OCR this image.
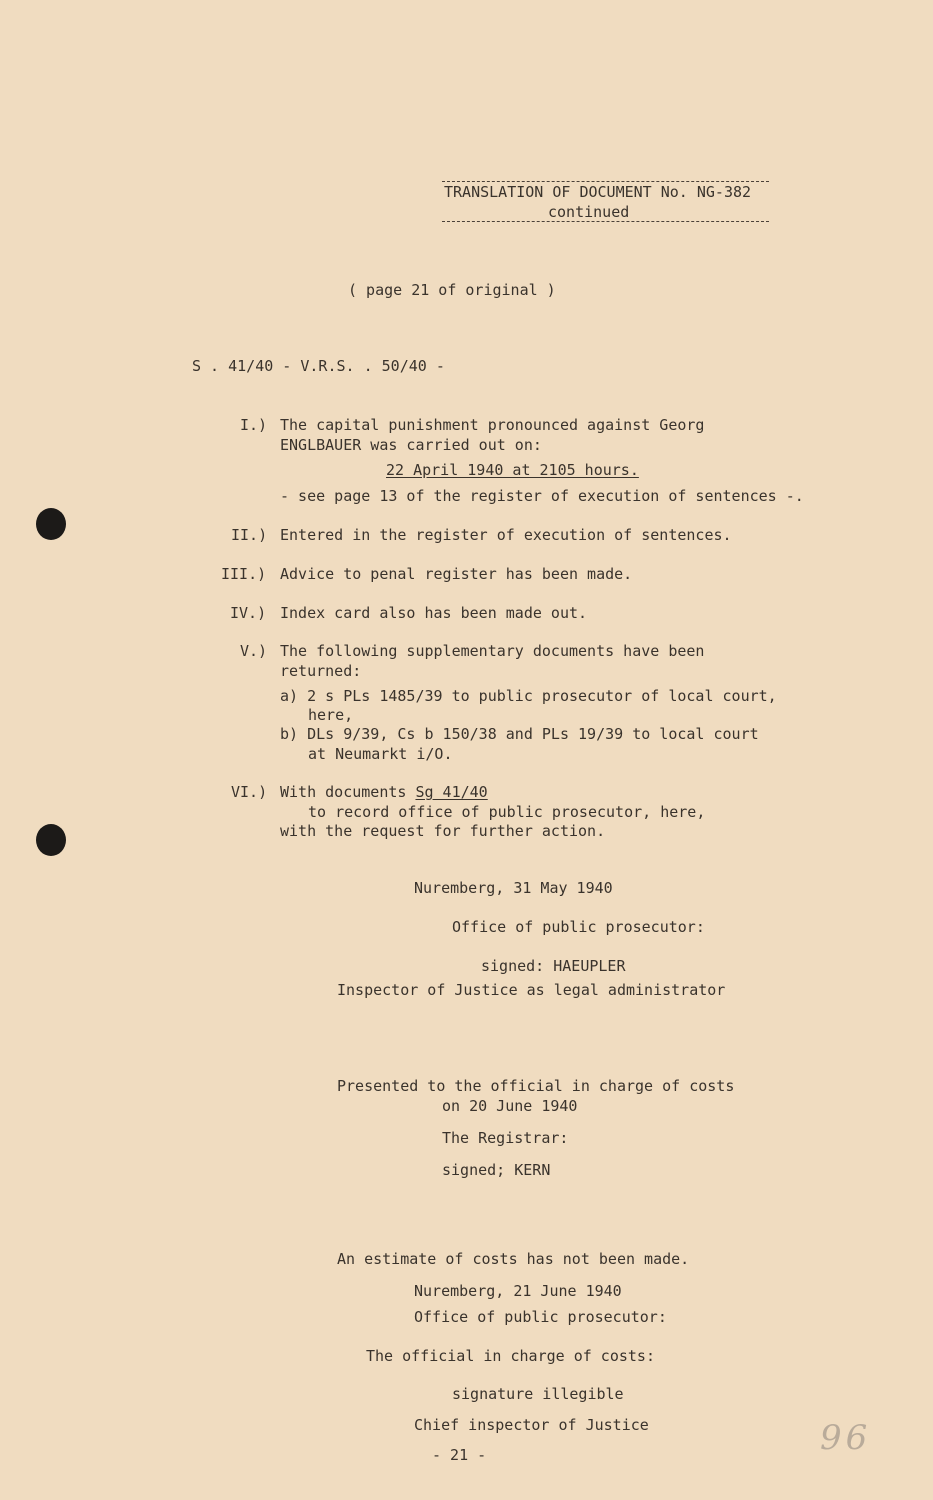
TRANSLATION OF DOCUMENT No. NG-382
continued
( page 21 of original )
S . 41/40 - V.R.S. . 50/40 -
I.) The capital punishment pronounced against Georg
ENGLBAUER was carried out on:
22 April 1940 at 2105 hours.
- see page 13 of the register of execution of sentences -.
II.) Entered in the register of execution of sentences.
III.) Advice to penal register has been made.
IV.) Index card also has been made out.
V.) The following supplementary documents have been
returned:
a) 2 s PLs 1485/39 to public prosecutor of local court,
here,
b) DLs 9/39, Cs b 150/38 and PLs 19/39 to local court
at Neumarkt i/O.
VI.) With documents Sg 41/40
to record office of public prosecutor, here,
with the request for further action.
Nuremberg, 31 May 1940
Office of public prosecutor:
signed: HAEUPLER
Inspector of Justice as legal administrator
Presented to the official in charge of costs
on 20 June 1940
The Registrar:
signed; KERN
An estimate of costs has not been made.
Nuremberg, 21 June 1940
Office of public prosecutor:
The official in charge of costs:
signature illegible
Chief inspector of Justice
- 21 -	96
